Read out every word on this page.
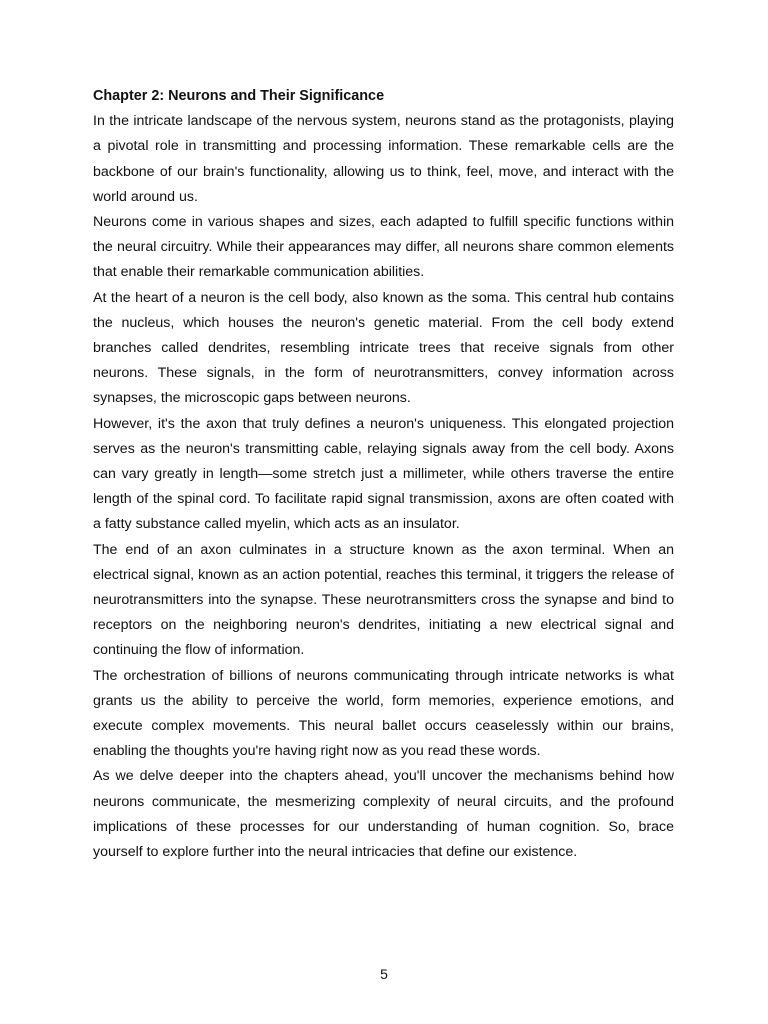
Chapter 2: Neurons and Their Significance

In the intricate landscape of the nervous system, neurons stand as the protagonists, playing a pivotal role in transmitting and processing information. These remarkable cells are the backbone of our brain's functionality, allowing us to think, feel, move, and interact with the world around us.

Neurons come in various shapes and sizes, each adapted to fulfill specific functions within the neural circuitry. While their appearances may differ, all neurons share common elements that enable their remarkable communication abilities.

At the heart of a neuron is the cell body, also known as the soma. This central hub contains the nucleus, which houses the neuron's genetic material. From the cell body extend branches called dendrites, resembling intricate trees that receive signals from other neurons. These signals, in the form of neurotransmitters, convey information across synapses, the microscopic gaps between neurons.

However, it's the axon that truly defines a neuron's uniqueness. This elongated projection serves as the neuron's transmitting cable, relaying signals away from the cell body. Axons can vary greatly in length—some stretch just a millimeter, while others traverse the entire length of the spinal cord. To facilitate rapid signal transmission, axons are often coated with a fatty substance called myelin, which acts as an insulator.

The end of an axon culminates in a structure known as the axon terminal. When an electrical signal, known as an action potential, reaches this terminal, it triggers the release of neurotransmitters into the synapse. These neurotransmitters cross the synapse and bind to receptors on the neighboring neuron's dendrites, initiating a new electrical signal and continuing the flow of information.

The orchestration of billions of neurons communicating through intricate networks is what grants us the ability to perceive the world, form memories, experience emotions, and execute complex movements. This neural ballet occurs ceaselessly within our brains, enabling the thoughts you're having right now as you read these words.

As we delve deeper into the chapters ahead, you'll uncover the mechanisms behind how neurons communicate, the mesmerizing complexity of neural circuits, and the profound implications of these processes for our understanding of human cognition. So, brace yourself to explore further into the neural intricacies that define our existence.

5
